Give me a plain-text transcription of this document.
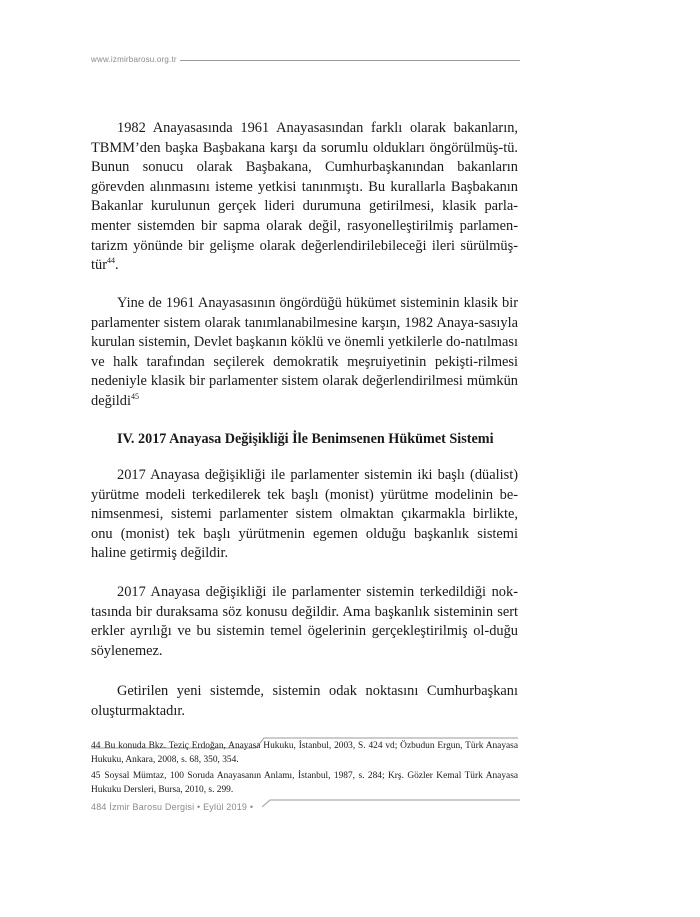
www.izmirbarosu.org.tr

1982 Anayasasında 1961 Anayasasından farklı olarak bakanların, TBMM’den başka Başbakana karşı da sorumlu oldukları öngörülmüş-tü. Bunun sonucu olarak Başbakana, Cumhurbaşkanından bakanların görevden alınmasını isteme yetkisi tanınmıştı. Bu kurallarla Başbakanın Bakanlar kurulunun gerçek lideri durumuna getirilmesi, klasik parla-menter sistemden bir sapma olarak değil, rasyonelleştirilmiş parlamen-tarizm yönünde bir gelişme olarak değerlendirilebileceği ileri sürülmüş-tür$^{44}$.

Yine de 1961 Anayasasının öngördüğü hükümet sisteminin klasik bir parlamenter sistem olarak tanımlanabilmesine karşın, 1982 Anaya-sasıyla kurulan sistemin, Devlet başkanın köklü ve önemli yetkilerle do-natılması ve halk tarafından seçilerek demokratik meşruiyetinin pekişti-rilmesi nedeniyle klasik bir parlamenter sistem olarak değerlendirilmesi mümkün değildi$^{45}$

IV. 2017 Anayasa Değişikliği İle Benimsenen Hükümet Sistemi

2017 Anayasa değişikliği ile parlamenter sistemin iki başlı (düalist) yürütme modeli terkedilerek tek başlı (monist) yürütme modelinin be-nimsenmesi, sistemi parlamenter sistem olmaktan çıkarmakla birlikte, onu (monist) tek başlı yürütmenin egemen olduğu başkanlık sistemi haline getirmiş değildir.

2017 Anayasa değişikliği ile parlamenter sistemin terkedildiği nok-tasında bir duraksama söz konusu değildir. Ama başkanlık sisteminin sert erkler ayrılığı ve bu sistemin temel ögelerinin gerçekleştirilmiş ol-duğu söylenemez.

Getirilen yeni sistemde, sistemin odak noktasını Cumhurbaşkanı oluşturmaktadır.

44 Bu konuda Bkz. Teziç Erdoğan, Anayasa Hukuku, İstanbul, 2003, S. 424 vd; Özbudun Ergun, Türk Anayasa Hukuku, Ankara, 2008, s. 68, 350, 354.

45 Soysal Mümtaz, 100 Soruda Anayasanın Anlamı, İstanbul, 1987, s. 284; Krş. Gözler Kemal Türk Anayasa Hukuku Dersleri, Bursa, 2010, s. 299.

484 İzmir Barosu Dergisi • Eylül 2019 •
